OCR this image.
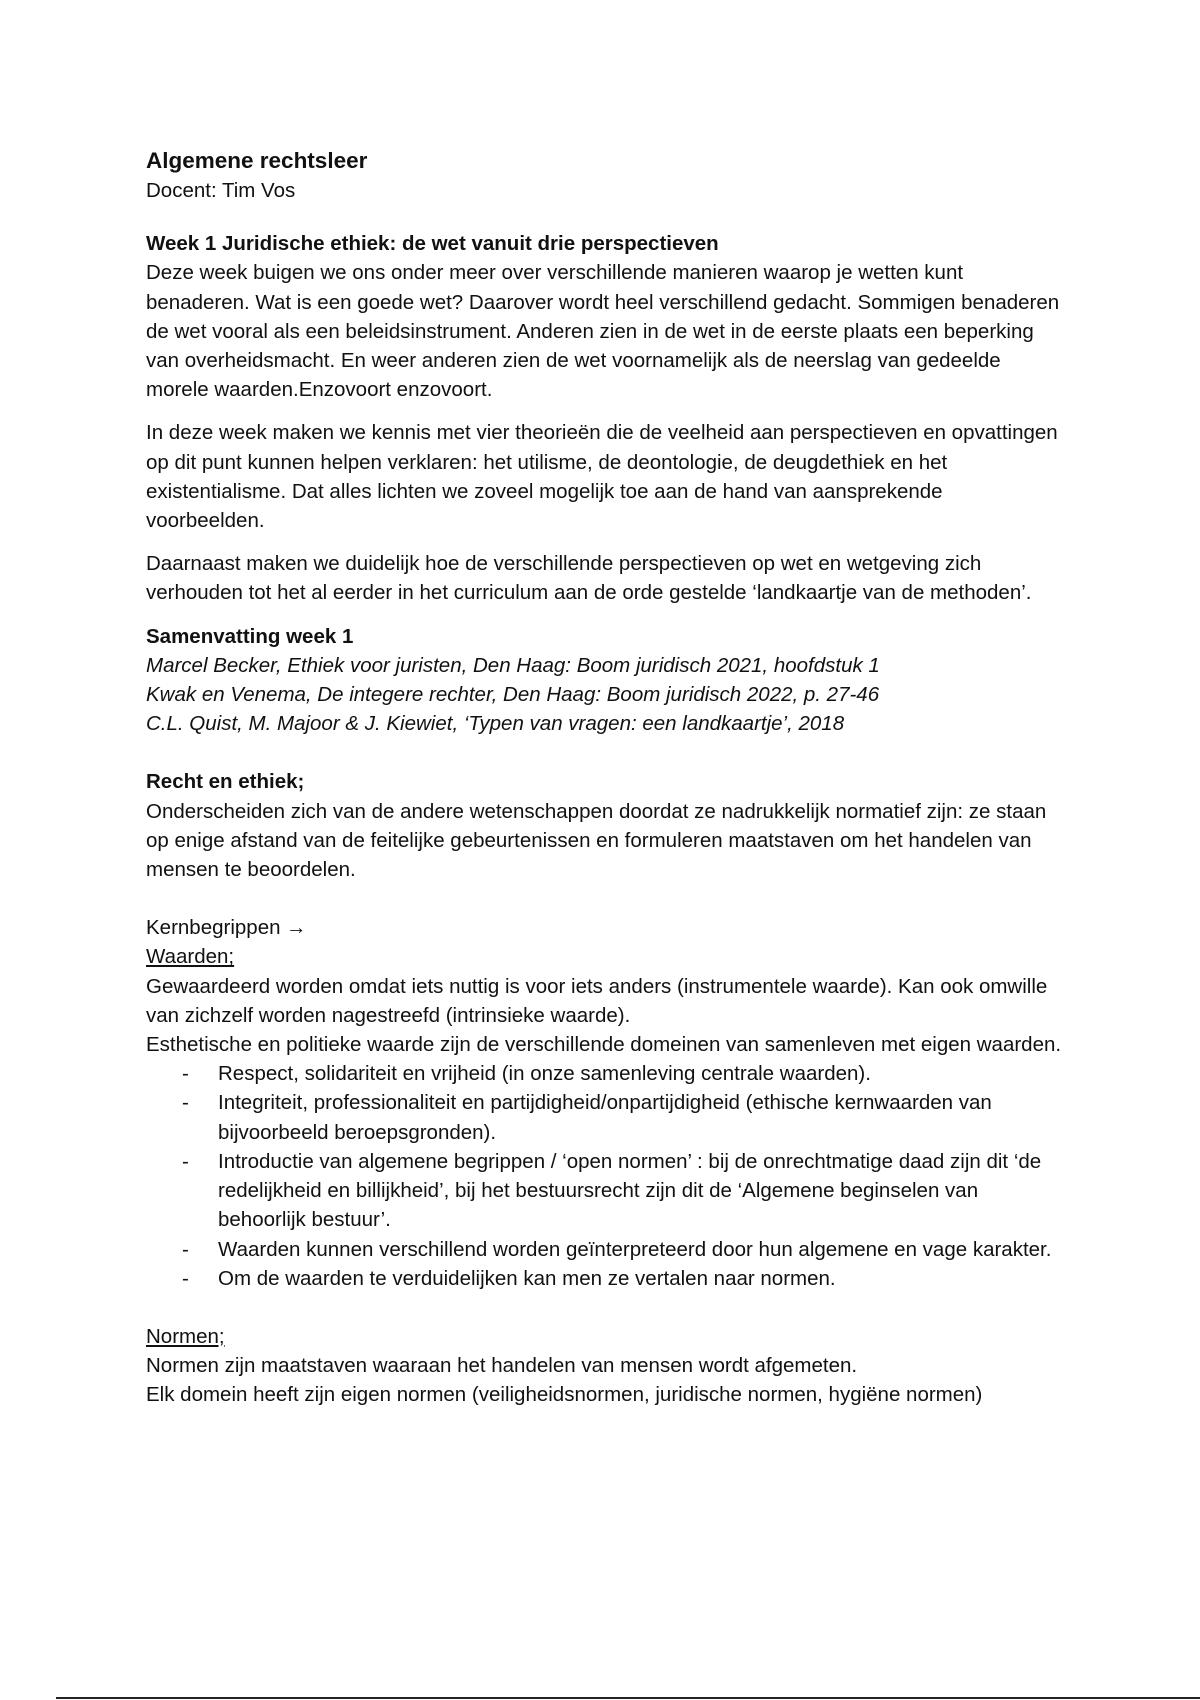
Algemene rechtsleer

Docent: Tim Vos

Week 1 Juridische ethiek: de wet vanuit drie perspectieven

Deze week buigen we ons onder meer over verschillende manieren waarop je wetten kunt benaderen. Wat is een goede wet? Daarover wordt heel verschillend gedacht. Sommigen benaderen de wet vooral als een beleidsinstrument. Anderen zien in de wet in de eerste plaats een beperking van overheidsmacht. En weer anderen zien de wet voornamelijk als de neerslag van gedeelde morele waarden.Enzovoort enzovoort.

In deze week maken we kennis met vier theorieën die de veelheid aan perspectieven en opvattingen op dit punt kunnen helpen verklaren: het utilisme, de deontologie, de deugdethiek en het existentialisme. Dat alles lichten we zoveel mogelijk toe aan de hand van aansprekende voorbeelden.

Daarnaast maken we duidelijk hoe de verschillende perspectieven op wet en wetgeving zich verhouden tot het al eerder in het curriculum aan de orde gestelde ‘landkaartje van de methoden’.

Samenvatting week 1

Marcel Becker, Ethiek voor juristen, Den Haag: Boom juridisch 2021, hoofdstuk 1

Kwak en Venema, De integere rechter, Den Haag: Boom juridisch 2022, p. 27-46

C.L. Quist, M. Majoor & J. Kiewiet, ‘Typen van vragen: een landkaartje’, 2018

Recht en ethiek;

Onderscheiden zich van de andere wetenschappen doordat ze nadrukkelijk normatief zijn: ze staan op enige afstand van de feitelijke gebeurtenissen en formuleren maatstaven om het handelen van mensen te beoordelen.

Kernbegrippen →

Waarden;

Gewaardeerd worden omdat iets nuttig is voor iets anders (instrumentele waarde). Kan ook omwille van zichzelf worden nagestreefd (intrinsieke waarde).

Esthetische en politieke waarde zijn de verschillende domeinen van samenleven met eigen waarden.

- Respect, solidariteit en vrijheid (in onze samenleving centrale waarden).
- Integriteit, professionaliteit en partijdigheid/onpartijdigheid (ethische kernwaarden van bijvoorbeeld beroepsgronden).
- Introductie van algemene begrippen / ‘open normen’ : bij de onrechtmatige daad zijn dit ‘de redelijkheid en billijkheid’, bij het bestuursrecht zijn dit de ‘Algemene beginselen van behoorlijk bestuur’.
- Waarden kunnen verschillend worden geïnterpreteerd door hun algemene en vage karakter.
- Om de waarden te verduidelijken kan men ze vertalen naar normen.

Normen;

Normen zijn maatstaven waaraan het handelen van mensen wordt afgemeten.

Elk domein heeft zijn eigen normen (veiligheidsnormen, juridische normen, hygiëne normen)
